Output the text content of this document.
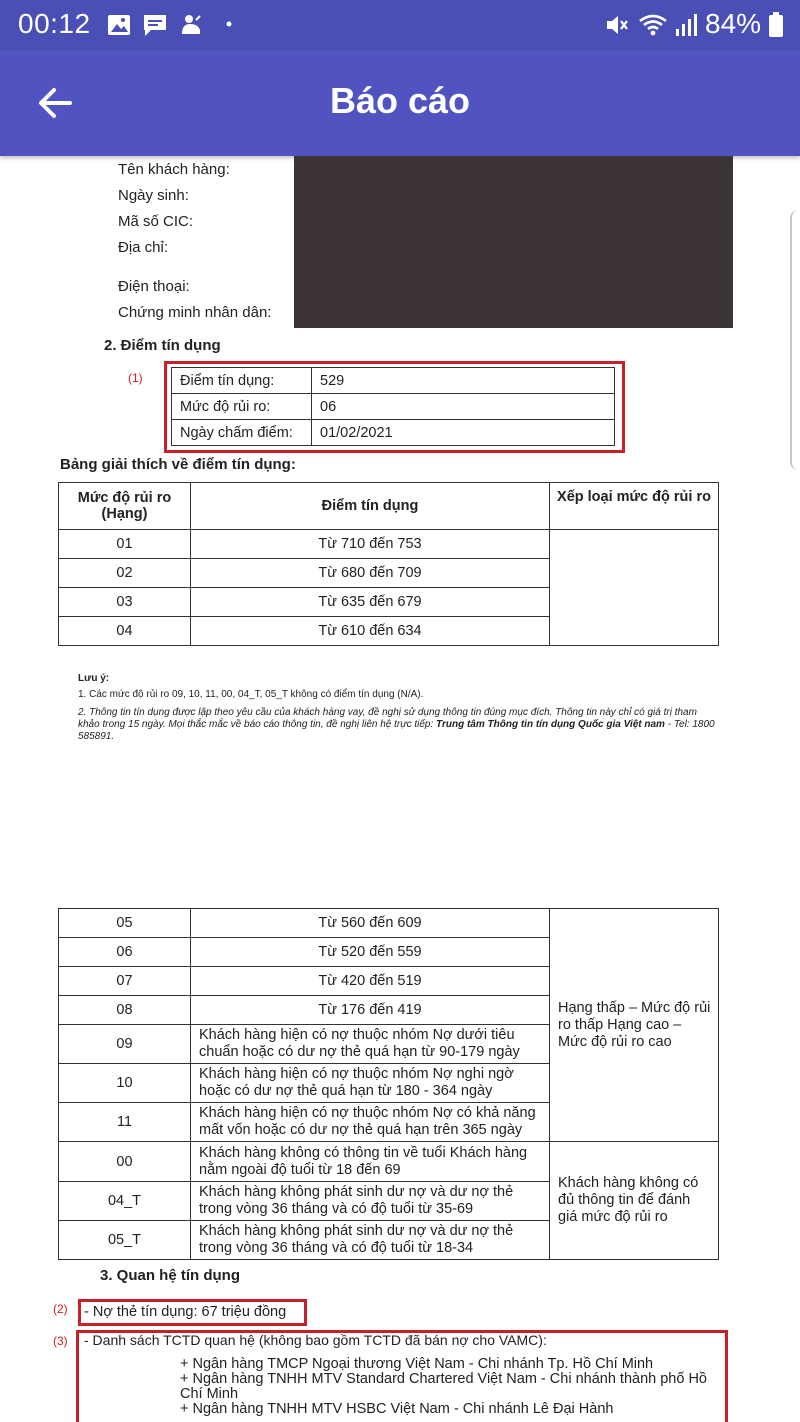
00:12	84%
Báo cáo
Tên khách hàng:
Ngày sinh:
Mã số CIC:
Địa chỉ:
Điện thoại:
Chứng minh nhân dân:
2. Điểm tín dụng
(1)	Điểm tín dụng:	529
Mức độ rủi ro:	06
Ngày chấm điểm:	01/02/2021
Bảng giải thích về điểm tín dụng:
Mức độ rủi ro (Hạng)	Điểm tín dụng	Xếp loại mức độ rủi ro
01	Từ 710 đến 753	
02	Từ 680 đến 709	
03	Từ 635 đến 679	
04	Từ 610 đến 634	
Lưu ý:
1. Các mức độ rủi ro 09, 10, 11, 00, 04_T, 05_T không có điểm tín dụng (N/A).
2. Thông tin tín dụng được lập theo yêu cầu của khách hàng vay, đề nghị sử dụng thông tin đúng mục đích. Thông tin này chỉ có giá trị tham khảo trong 15 ngày. Mọi thắc mắc về báo cáo thông tin, đề nghị liên hệ trực tiếp: Trung tâm Thông tin tín dụng Quốc gia Việt nam - Tel: 1800 585891.
05	Từ 560 đến 609	Hạng thấp – Mức độ rủi ro thấp Hạng cao – Mức độ rủi ro cao
06	Từ 520 đến 559	
07	Từ 420 đến 519	
08	Từ 176 đến 419	
09	Khách hàng hiện có nợ thuộc nhóm Nợ dưới tiêu chuẩn hoặc có dư nợ thẻ quá hạn từ 90-179 ngày	
10	Khách hàng hiện có nợ thuộc nhóm Nợ nghi ngờ hoặc có dư nợ thẻ quá hạn từ 180 - 364 ngày	
11	Khách hàng hiện có nợ thuộc nhóm Nợ có khả năng mất vốn hoặc có dư nợ thẻ quá hạn trên 365 ngày	
00	Khách hàng không có thông tin về tuổi Khách hàng nằm ngoài độ tuổi từ 18 đến 69	Khách hàng không có đủ thông tin để đánh giá mức độ rủi ro
04_T	Khách hàng không phát sinh dư nợ và dư nợ thẻ trong vòng 36 tháng và có độ tuổi từ 35-69	
05_T	Khách hàng không phát sinh dư nợ và dư nợ thẻ trong vòng 36 tháng và có độ tuổi từ 18-34	
3. Quan hệ tín dụng
(2) - Nợ thẻ tín dụng: 67 triệu đồng
(3) - Danh sách TCTD quan hệ (không bao gồm TCTD đã bán nợ cho VAMC):
+ Ngân hàng TMCP Ngoại thương Việt Nam - Chi nhánh Tp. Hồ Chí Minh
+ Ngân hàng TNHH MTV Standard Chartered Việt Nam - Chi nhánh thành phố Hồ Chí Minh
+ Ngân hàng TNHH MTV HSBC Việt Nam - Chi nhánh Lê Đại Hành
